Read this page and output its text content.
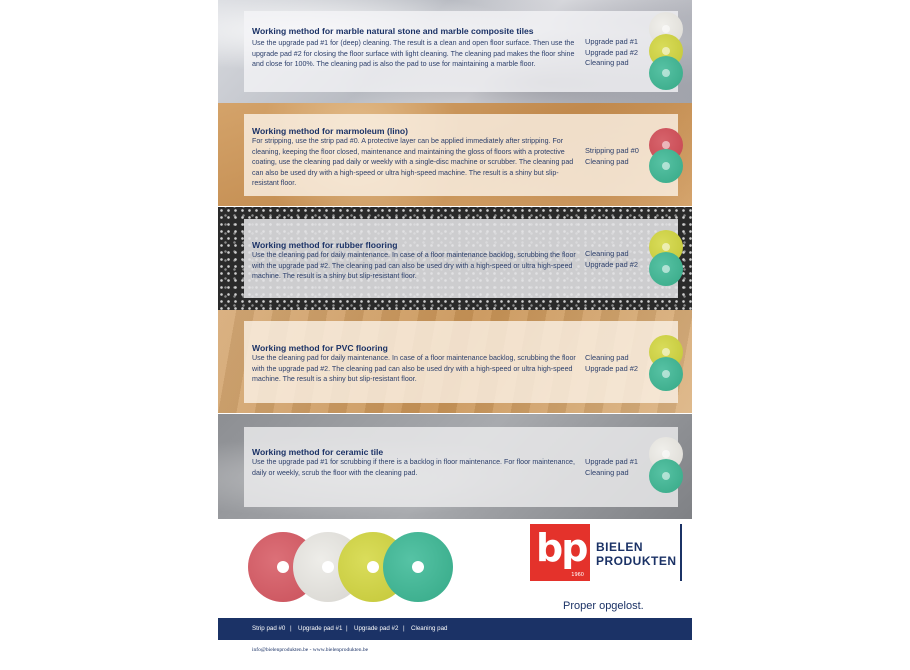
Working method for marble natural stone and marble composite tiles
Use the upgrade pad #1 for (deep) cleaning. The result is a clean and open floor surface. Then use the upgrade pad #2 for closing the floor surface with light cleaning. The cleaning pad makes the floor shine and close for 100%. The cleaning pad is also the pad to use for maintaining a marble floor.
Upgrade pad #1
Upgrade pad #2
Cleaning pad
Working method for marmoleum (lino)
For stripping, use the strip pad #0. A protective layer can be applied immediately after stripping. For cleaning, keeping the floor closed, maintenance and maintaining the gloss of floors with a protective coating, use the cleaning pad daily or weekly with a single-disc machine or scrubber. The cleaning pad can also be used dry with a high-speed or ultra high-speed machine. The result is a shiny but slip-resistant floor.
Stripping pad #0
Cleaning pad
Working method for rubber flooring
Use the cleaning pad for daily maintenance. In case of a floor maintenance backlog, scrubbing the floor with the upgrade pad #2. The cleaning pad can also be used dry with a high-speed or ultra high-speed machine. The result is a shiny but slip-resistant floor.
Cleaning pad
Upgrade pad #2
Working method for PVC flooring
Use the cleaning pad for daily maintenance. In case of a floor maintenance backlog, scrubbing the floor with the upgrade pad #2. The cleaning pad can also be used dry with a high-speed or ultra high-speed machine. The result is a shiny but slip-resistant floor.
Cleaning pad
Upgrade pad #2
Working method for ceramic tile
Use the upgrade pad #1 for scrubbing if there is a backlog in floor maintenance. For floor maintenance, daily or weekly, scrub the floor with the cleaning pad.
Upgrade pad #1
Cleaning pad
bp
1960
BIELEN
PRODUKTEN
Proper opgelost.
Strip pad #0 | Upgrade pad #1 | Upgrade pad #2 | Cleaning pad
info@bielenprodukten.be - www.bielenprodukten.be
